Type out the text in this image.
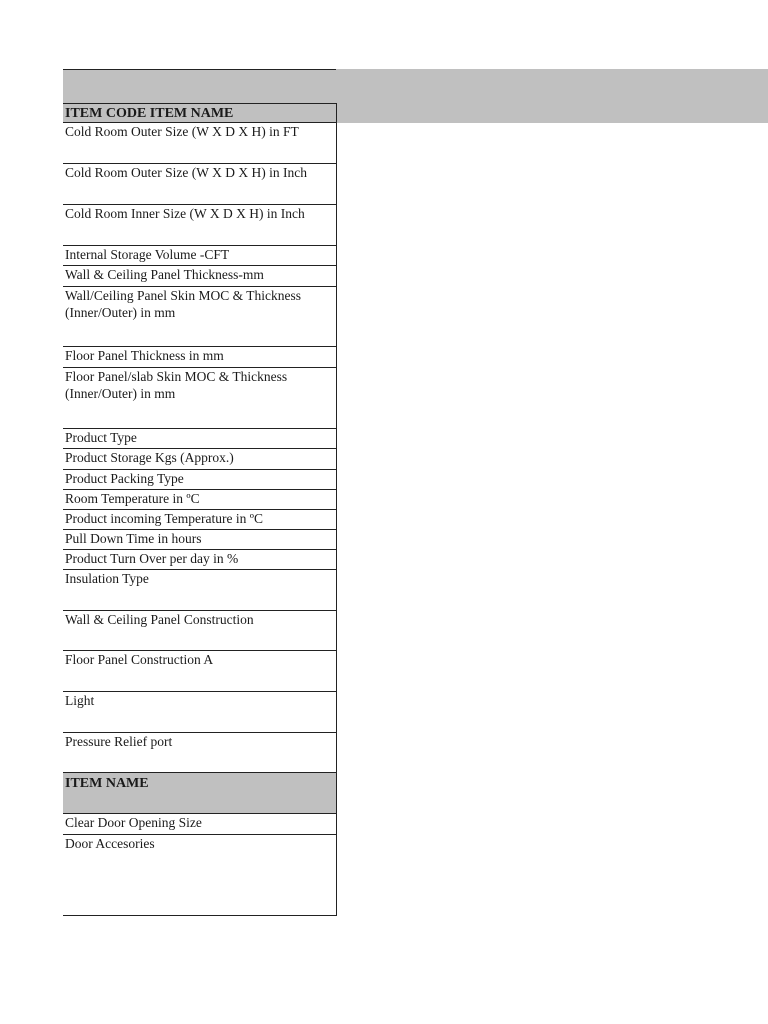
ITEM CODE ITEM NAME
Cold Room Outer Size (W X D X H) in FT
Cold Room Outer Size (W X D X H) in Inch
Cold Room Inner Size (W X D X H) in Inch
Internal Storage Volume -CFT
Wall & Ceiling Panel Thickness-mm
Wall/Ceiling Panel Skin MOC & Thickness (Inner/Outer) in mm
Floor Panel Thickness in mm
Floor Panel/slab Skin MOC & Thickness (Inner/Outer) in mm
Product Type
Product Storage Kgs (Approx.)
Product Packing Type
Room Temperature in ºC
Product incoming Temperature in ºC
Pull Down Time in hours
Product Turn Over per day in %
Insulation Type
Wall & Ceiling Panel Construction
Floor Panel Construction A
Light
Pressure Relief port
ITEM NAME
Clear Door Opening Size
Door Accesories
